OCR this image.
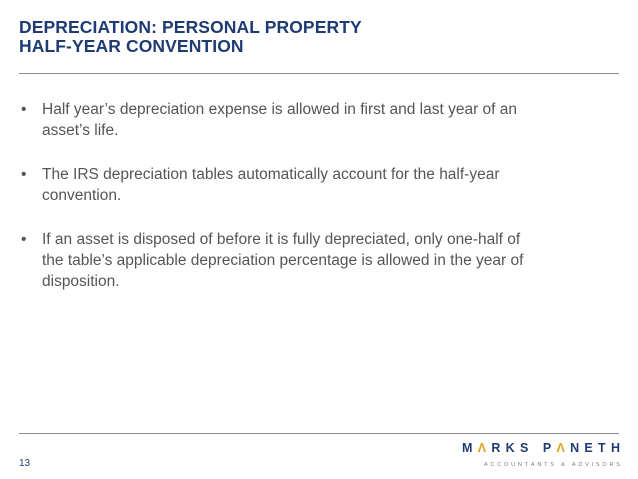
DEPRECIATION: PERSONAL PROPERTY
HALF-YEAR CONVENTION
• Half year’s depreciation expense is allowed in first and last year of an
asset’s life.
• The IRS depreciation tables automatically account for the half-year
convention.
• If an asset is disposed of before it is fully depreciated, only one-half of
the table’s applicable depreciation percentage is allowed in the year of
disposition.
13
M Λ R K S P Λ N E T H
A C C O U N T A N T S
&
A D V I S O R S
